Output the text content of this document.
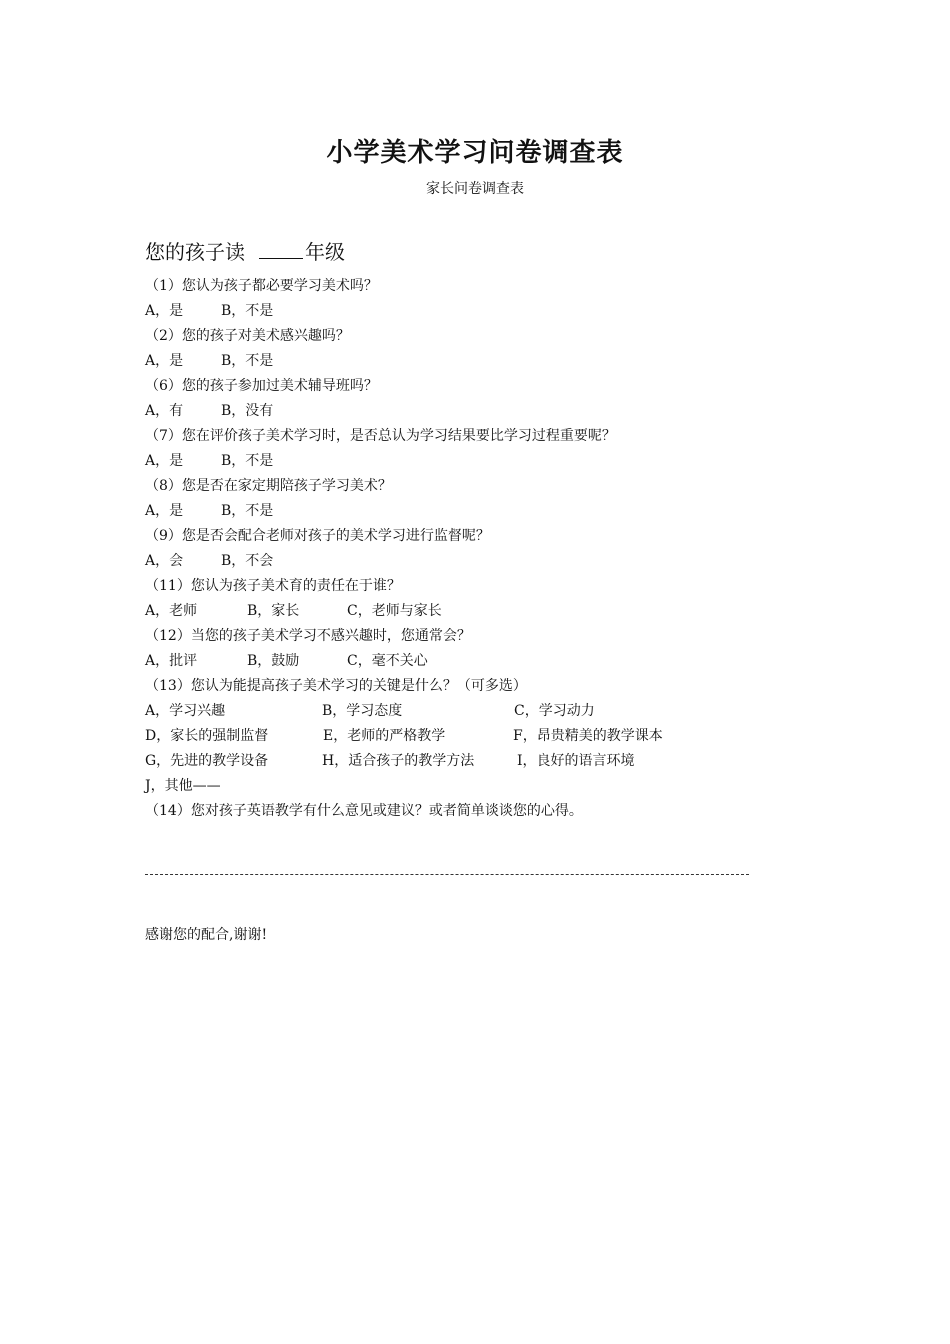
小学美术学习问卷调查表
家长问卷调查表
您的孩子读	年级
（1）您认为孩子都必要学习美术吗？
A，是	B，不是
（2）您的孩子对美术感兴趣吗？
A，是	B，不是
（6）您的孩子参加过美术辅导班吗？
A，有	B，没有
（7）您在评价孩子美术学习时，是否总认为学习结果要比学习过程重要呢？
A，是	B，不是
（8）您是否在家定期陪孩子学习美术？
A，是	B，不是
（9）您是否会配合老师对孩子的美术学习进行监督呢？
A，会	B，不会
（11）您认为孩子美术育的责任在于谁？
A，老师	B，家长	C，老师与家长
（12）当您的孩子美术学习不感兴趣时，您通常会？
A，批评	B，鼓励	C，毫不关心
（13）您认为能提高孩子美术学习的关键是什么？（可多选）
A，学习兴趣	B，学习态度	C，学习动力
D，家长的强制监督	E，老师的严格教学	F，昂贵精美的教学课本
G，先进的教学设备	H，适合孩子的教学方法	I，良好的语言环境
J，其他——
（14）您对孩子英语教学有什么意见或建议？或者简单谈谈您的心得。
感谢您的配合,谢谢!
